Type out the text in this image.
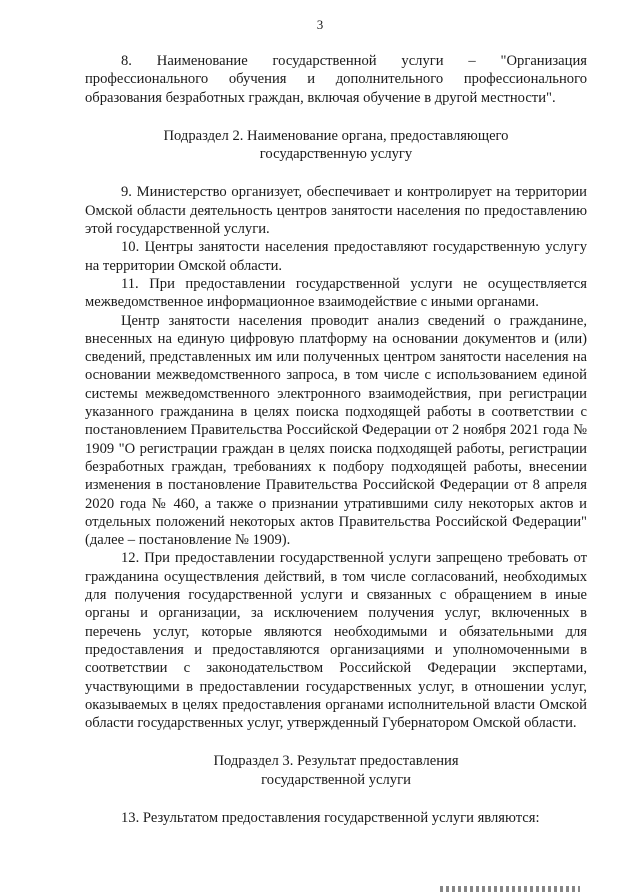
3

8. Наименование государственной услуги – "Организация профессионального обучения и дополнительного профессионального образования безработных граждан, включая обучение в другой местности".

Подраздел 2. Наименование органа, предоставляющего

государственную услугу

9. Министерство организует, обеспечивает и контролирует на территории Омской области деятельность центров занятости населения по предоставлению этой государственной услуги.

10. Центры занятости населения предоставляют государственную услугу на территории Омской области.

11. При предоставлении государственной услуги не осуществляется межведомственное информационное взаимодействие с иными органами.

Центр занятости населения проводит анализ сведений о гражданине, внесенных на единую цифровую платформу на основании документов и (или) сведений, представленных им или полученных центром занятости населения на основании межведомственного запроса, в том числе с использованием единой системы межведомственного электронного взаимодействия, при регистрации указанного гражданина в целях поиска подходящей работы в соответствии с постановлением Правительства Российской Федерации от 2 ноября 2021 года № 1909 "О регистрации граждан в целях поиска подходящей работы, регистрации безработных граждан, требованиях к подбору подходящей работы, внесении изменения в постановление Правительства Российской Федерации от 8 апреля 2020 года № 460, а также о признании утратившими силу некоторых актов и отдельных положений некоторых актов Правительства Российской Федерации" (далее – постановление № 1909).

12. При предоставлении государственной услуги запрещено требовать от гражданина осуществления действий, в том числе согласований, необходимых для получения государственной услуги и связанных с обращением в иные органы и организации, за исключением получения услуг, включенных в перечень услуг, которые являются необходимыми и обязательными для предоставления и предоставляются организациями и уполномоченными в соответствии с законодательством Российской Федерации экспертами, участвующими в предоставлении государственных услуг, в отношении услуг, оказываемых в целях предоставления органами исполнительной власти Омской области государственных услуг, утвержденный Губернатором Омской области.

Подраздел 3. Результат предоставления

государственной услуги

13. Результатом предоставления государственной услуги являются:
